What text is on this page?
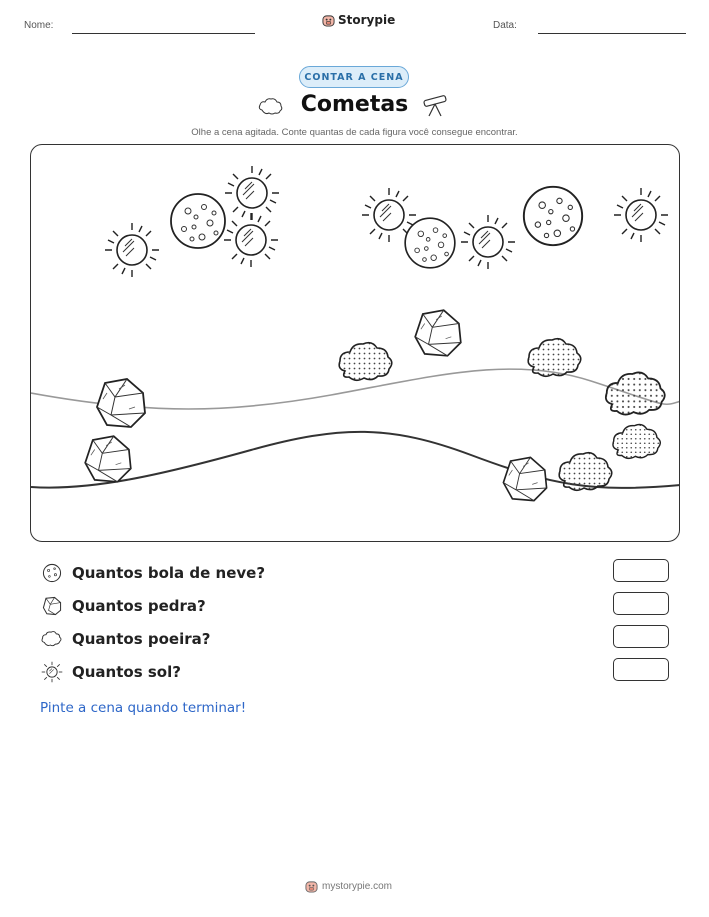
Nome:	Storypie	Data:
CONTAR A CENA
Cometas
Olhe a cena agitada. Conte quantas de cada figura você consegue encontrar.
Quantos bola de neve?
Quantos pedra?
Quantos poeira?
Quantos sol?
Pinte a cena quando terminar!
mystorypie.com
